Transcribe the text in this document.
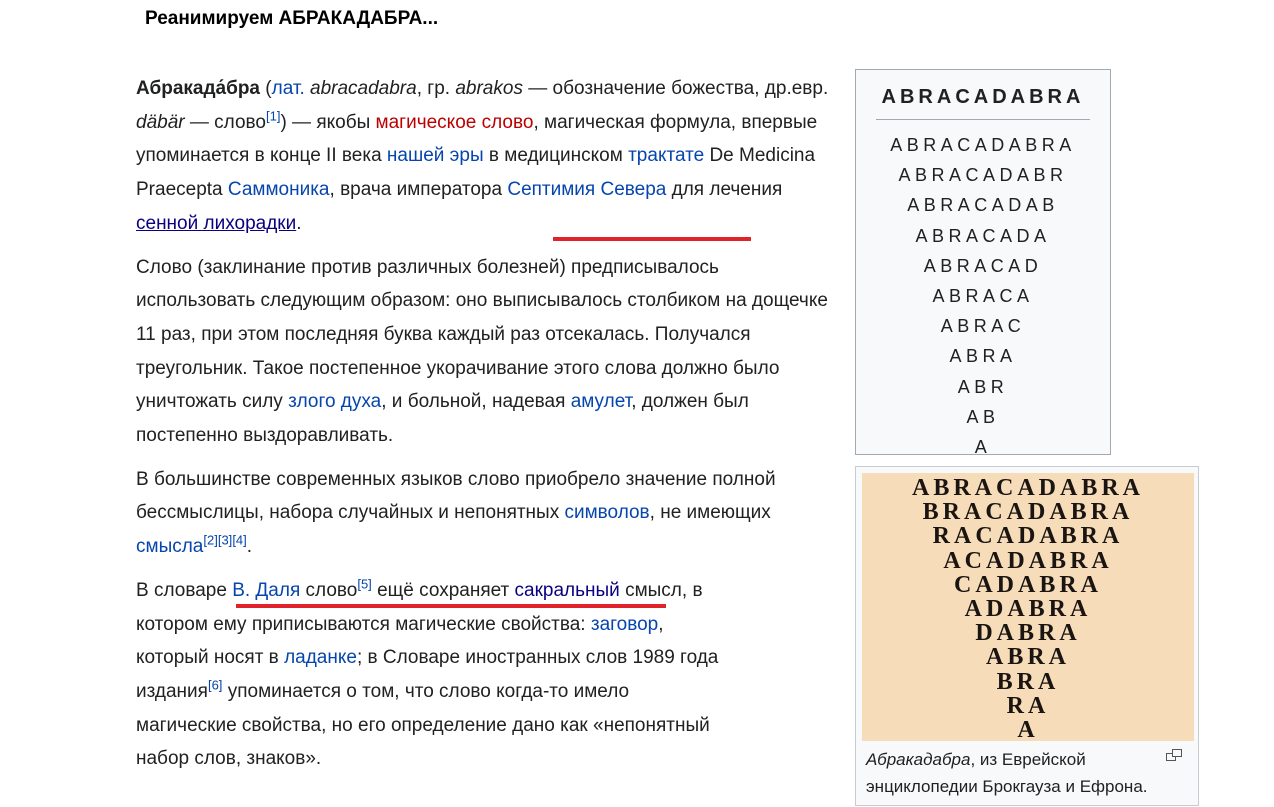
Реанимируем АБРАКАДАБРА...

Абракада́бра (лат. abracadabra, гр. abrakos — обозначение божества, др.евр. däbär — слово[1]) — якобы магическое слово, магическая формула, впервые упоминается в конце II века нашей эры в медицинском трактате De Medicina Praecepta Саммоника, врача императора Септимия Севера для лечения сенной лихорадки.

Слово (заклинание против различных болезней) предписывалось использовать следующим образом: оно выписывалось столбиком на дощечке 11 раз, при этом последняя буква каждый раз отсекалась. Получался треугольник. Такое постепенное укорачивание этого слова должно было уничтожать силу злого духа, и больной, надевая амулет, должен был постепенно выздоравливать.

В большинстве современных языков слово приобрело значение полной бессмыслицы, набора случайных и непонятных символов, не имеющих смысла[2][3][4].

В словаре В. Даля слово[5] ещё сохраняет сакральный смысл, в котором ему приписываются магические свойства: заговор, который носят в ладанке; в Словаре иностранных слов 1989 года издания[6] упоминается о том, что слово когда-то имело магические свойства, но его определение дано как «непонятный набор слов, знаков».

ABRACADABRA
ABRACADABRA
ABRACADABR
ABRACADAB
ABRACADA
ABRACAD
ABRACA
ABRAC
ABRA
ABR
AB
A
ABRACADABRA
BRACADABRA
RACADABRA
ACADABRA
CADABRA
ADABRA
DABRA
ABRA
BRA
RA
A
Абракадабра, из Еврейской энциклопедии Брокгауза и Ефрона.
